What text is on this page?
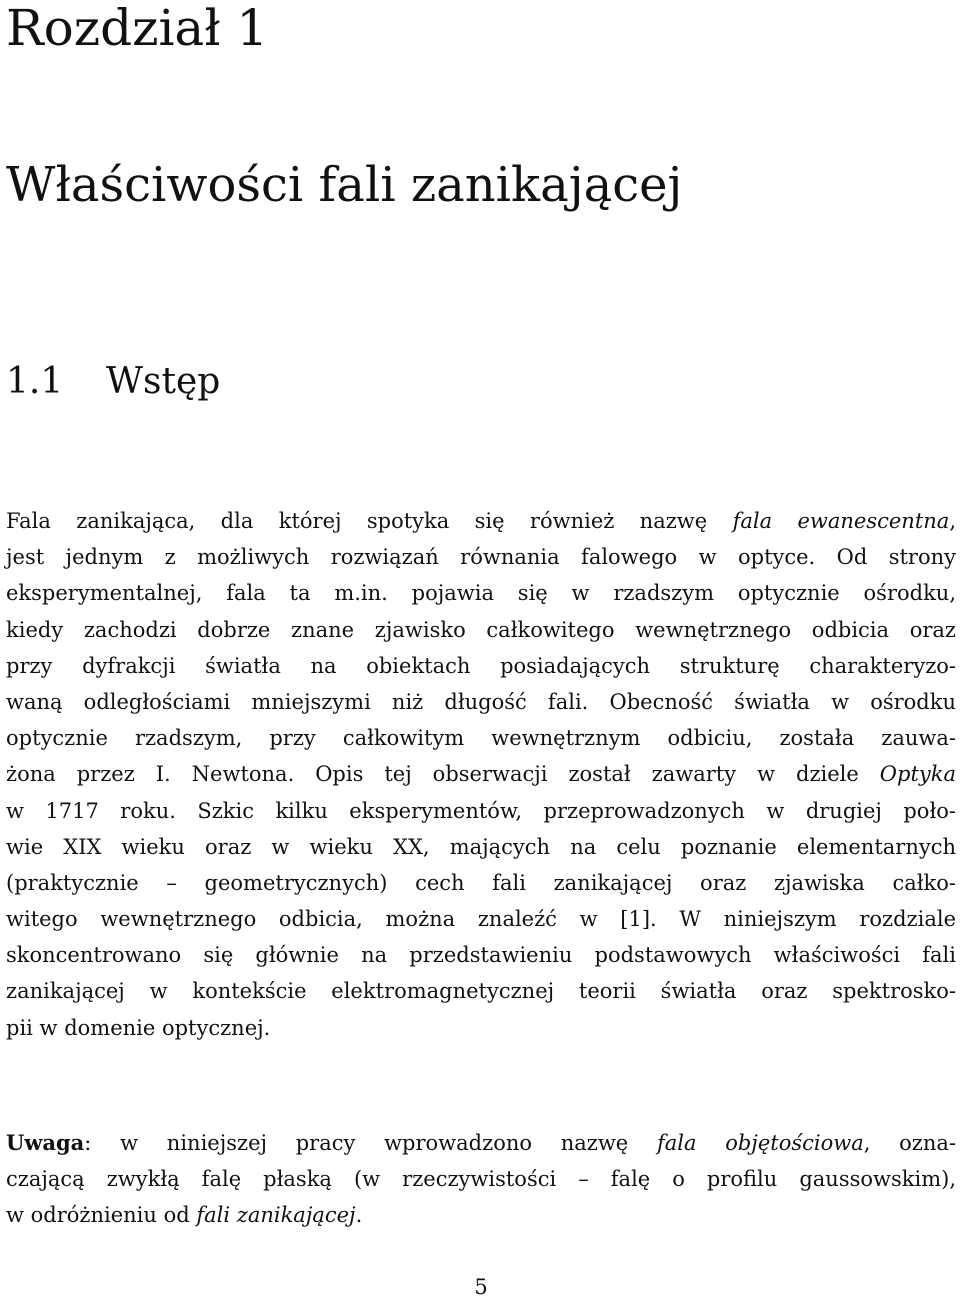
Rozdział 1
Właściwości fali zanikającej
1.1 Wstęp

Fala zanikająca, dla której spotyka się również nazwę fala ewanescentna,
jest jednym z możliwych rozwiązań równania falowego w optyce. Od strony
eksperymentalnej, fala ta m.in. pojawia się w rzadszym optycznie ośrodku,
kiedy zachodzi dobrze znane zjawisko całkowitego wewnętrznego odbicia oraz
przy dyfrakcji światła na obiektach posiadających strukturę charakteryzo-
waną odległościami mniejszymi niż długość fali. Obecność światła w ośrodku
optycznie rzadszym, przy całkowitym wewnętrznym odbiciu, została zauwa-
żona przez I. Newtona. Opis tej obserwacji został zawarty w dziele Optyka
w 1717 roku. Szkic kilku eksperymentów, przeprowadzonych w drugiej poło-
wie XIX wieku oraz w wieku XX, mających na celu poznanie elementarnych
(praktycznie – geometrycznych) cech fali zanikającej oraz zjawiska całko-
witego wewnętrznego odbicia, można znaleźć w [1]. W niniejszym rozdziale
skoncentrowano się głównie na przedstawieniu podstawowych właściwości fali
zanikającej w kontekście elektromagnetycznej teorii światła oraz spektrosko-
pii w domenie optycznej.

Uwaga: w niniejszej pracy wprowadzono nazwę fala objętościowa, ozna-
czającą zwykłą falę płaską (w rzeczywistości – falę o profilu gaussowskim),
w odróżnieniu od fali zanikającej.

5
